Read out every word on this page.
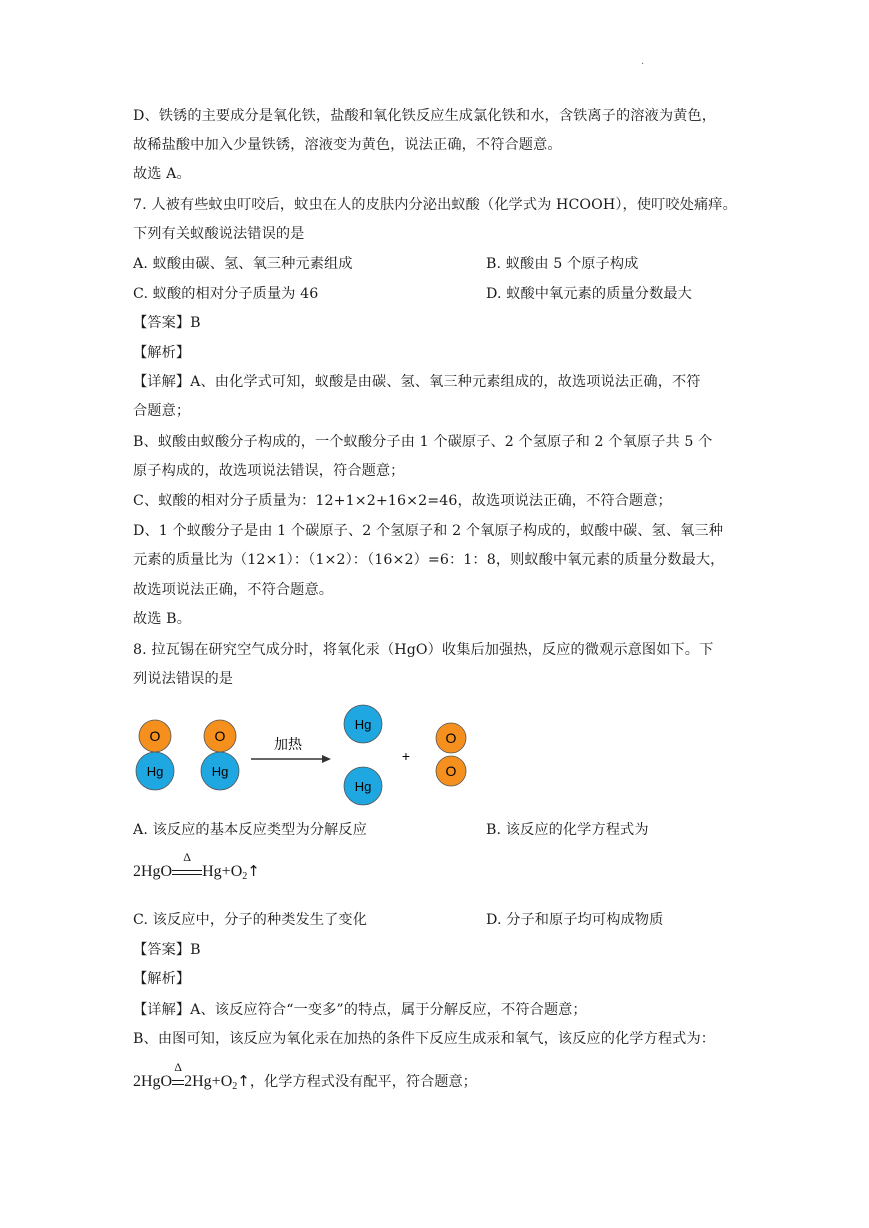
.
D、铁锈的主要成分是氧化铁，盐酸和氧化铁反应生成氯化铁和水，含铁离子的溶液为黄色，
故稀盐酸中加入少量铁锈，溶液变为黄色，说法正确，不符合题意。
故选 A。
7. 人被有些蚊虫叮咬后，蚊虫在人的皮肤内分泌出蚁酸（化学式为 HCOOH），使叮咬处痛痒。
下列有关蚁酸说法错误的是
A. 蚁酸由碳、氢、氧三种元素组成	B. 蚁酸由 5 个原子构成
C. 蚁酸的相对分子质量为 46	D. 蚁酸中氧元素的质量分数最大
【答案】B
【解析】
【详解】A、由化学式可知，蚁酸是由碳、氢、氧三种元素组成的，故选项说法正确，不符
合题意；
B、蚁酸由蚁酸分子构成的，一个蚁酸分子由 1 个碳原子、2 个氢原子和 2 个氧原子共 5 个
原子构成的，故选项说法错误，符合题意；
C、蚁酸的相对分子质量为：12+1×2+16×2=46，故选项说法正确，不符合题意；
D、1 个蚁酸分子是由 1 个碳原子、2 个氢原子和 2 个氧原子构成的，蚁酸中碳、氢、氧三种
元素的质量比为（12×1）：（1×2）：（16×2）=6：1：8，则蚁酸中氧元素的质量分数最大，
故选项说法正确，不符合题意。
故选 B。
8. 拉瓦锡在研究空气成分时，将氧化汞（HgO）收集后加强热，反应的微观示意图如下。下
列说法错误的是
O
Hg
O
Hg
加热
Hg
Hg
+
O
O
A. 该反应的基本反应类型为分解反应	B. 该反应的化学方程式为
2HgO
Δ
$Hg+O_2↑$
C. 该反应中，分子的种类发生了变化	D. 分子和原子均可构成物质
【答案】B
【解析】
【详解】A、该反应符合“一变多”的特点，属于分解反应，不符合题意；
B、由图可知，该反应为氧化汞在加热的条件下反应生成汞和氧气，该反应的化学方程式为：
2HgO
Δ
$2Hg+O_2↑$，化学方程式没有配平，符合题意；
